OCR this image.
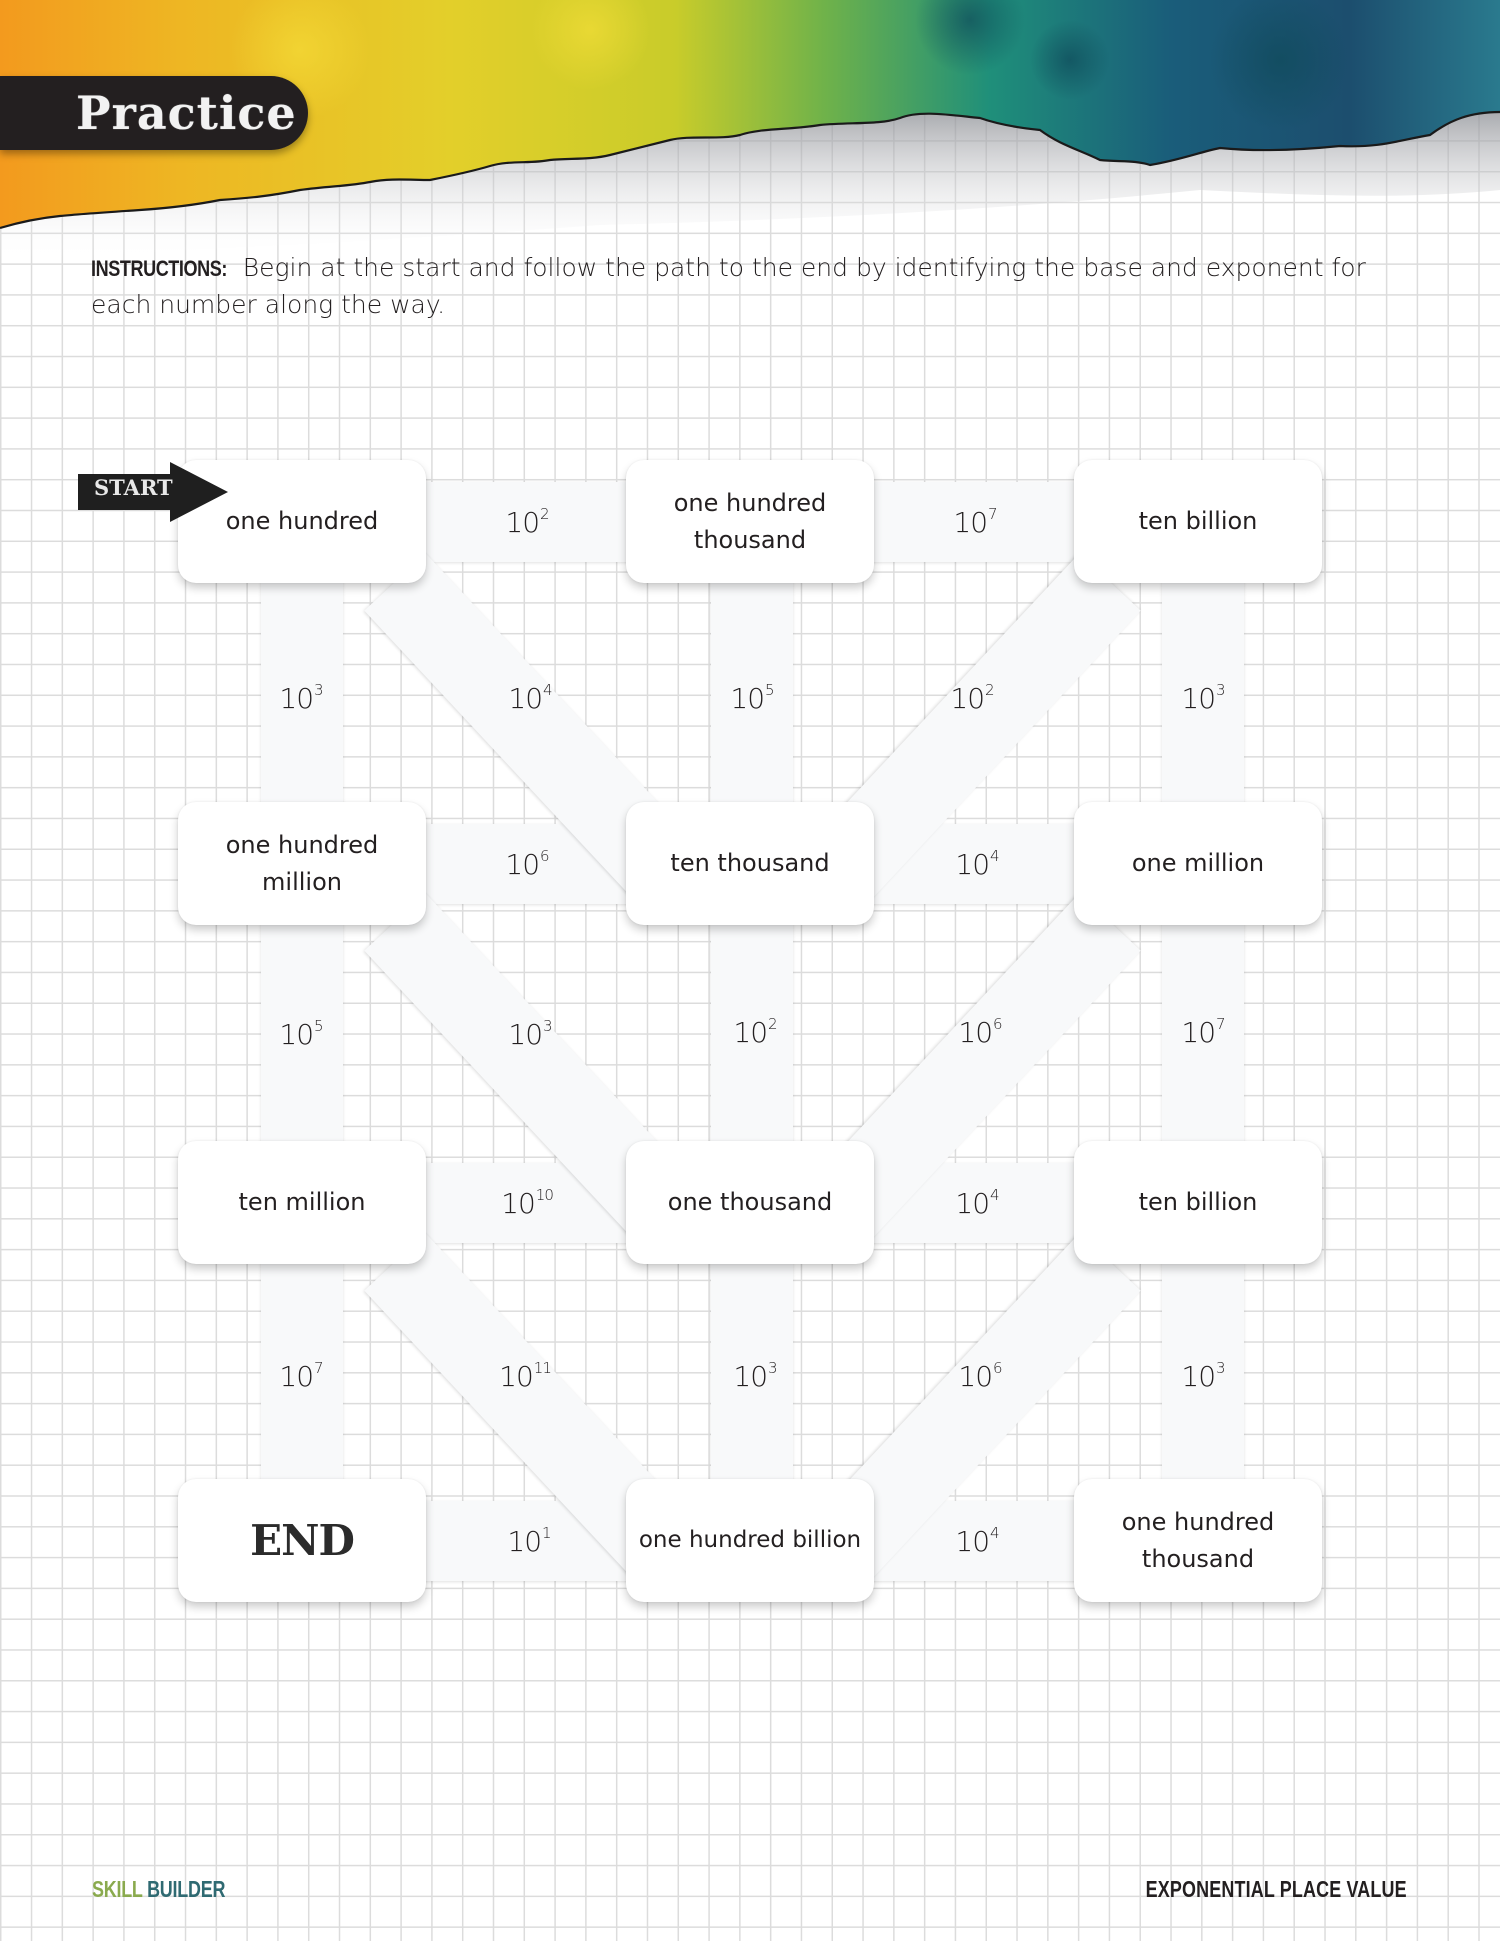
Practice
INSTRUCTIONS: Begin at the start and follow the path to the end by identifying the base and exponent for each number along the way.
$10^2$	$10^7$
$10^6$	$10^4$
$10^{10}$	$10^4$
$10^1$	$10^4$
$10^3$	$10^4$	$10^5$	$10^2$	$10^3$
$10^5$	$10^3$	$10^2$	$10^6$	$10^7$
$10^7$	$10^{11}$	$10^3$	$10^6$	$10^3$
one hundred
one hundred thousand
ten billion
one hundred million
ten thousand	one million
ten million	one thousand	ten billion
END	one hundred billion
one hundred thousand
START
SKILL BUILDER	EXPONENTIAL PLACE VALUE
